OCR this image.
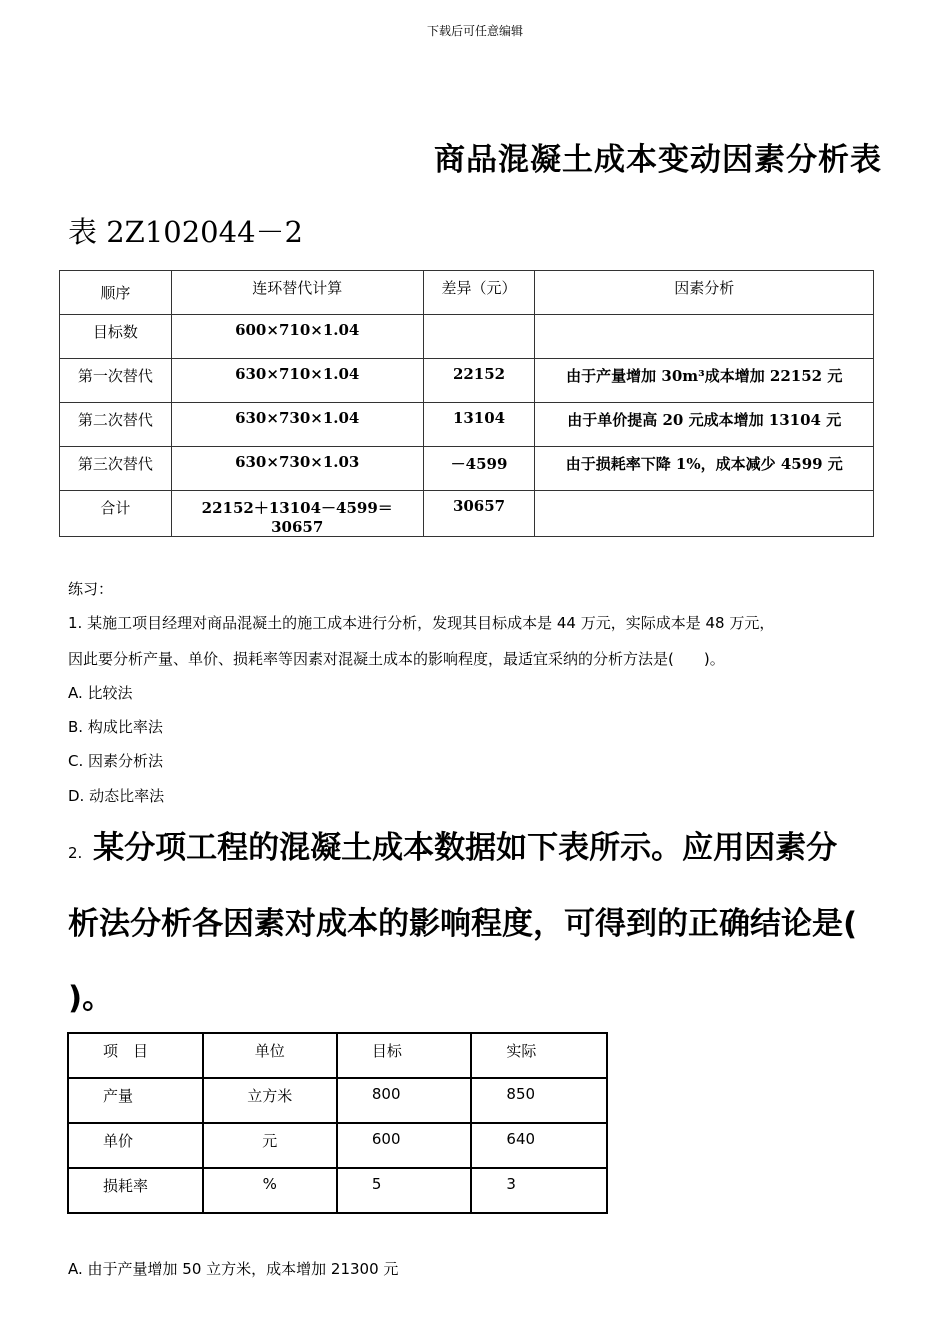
下载后可任意编辑
商品混凝土成本变动因素分析表
表 2Z102044－2
顺序	连环替代计算	差异（元）	因素分析
目标数	600×710×1.04		
第一次替代	630×710×1.04	22152	由于产量增加 30m³成本增加 22152 元
第二次替代	630×730×1.04	13104	由于单价提高 20 元成本增加 13104 元
第三次替代	630×730×1.03	－4599	由于损耗率下降 1%，成本减少 4599 元
合计	22152＋13104－4599＝30657	30657	
练习：
1. 某施工项目经理对商品混凝土的施工成本进行分析，发现其目标成本是 44 万元，实际成本是 48 万元，
因此要分析产量、单价、损耗率等因素对混凝土成本的影响程度，最适宜采纳的分析方法是(　　)。
A. 比较法
B. 构成比率法
C. 因素分析法
D. 动态比率法
2. 某分项工程的混凝土成本数据如下表所示。应用因素分
析法分析各因素对成本的影响程度，可得到的正确结论是(
)。
项　目	单位	目标	实际
产量	立方米	800	850
单价	元	600	640
损耗率	%	5	3
A. 由于产量增加 50 立方米，成本增加 21300 元
